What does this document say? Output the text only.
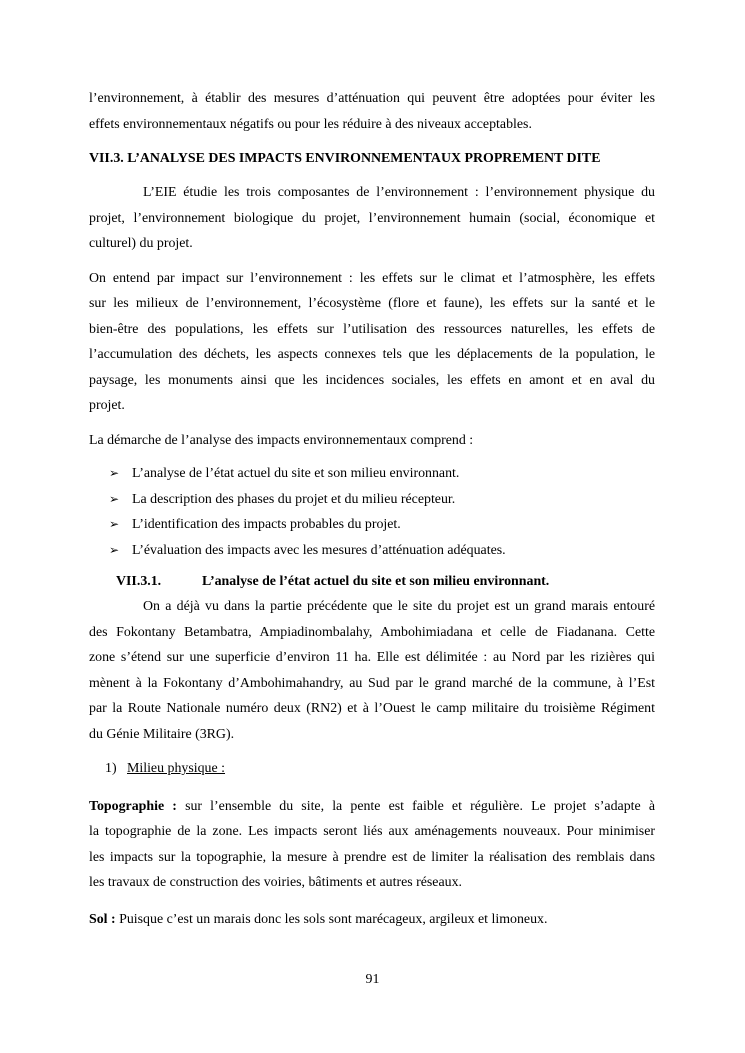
l’environnement, à établir des mesures d’atténuation qui peuvent être adoptées pour éviter les
effets environnementaux négatifs ou pour les réduire à des niveaux acceptables.

VII.3. L’ANALYSE DES IMPACTS ENVIRONNEMENTAUX PROPREMENT DITE

L’EIE étudie les trois composantes de l’environnement : l’environnement physique du
projet, l’environnement biologique du projet, l’environnement humain (social, économique et
culturel) du projet.

On entend par impact sur l’environnement : les effets sur le climat et l’atmosphère, les effets
sur les milieux de l’environnement, l’écosystème (flore et faune), les effets sur la santé et le
bien-être des populations, les effets sur l’utilisation des ressources naturelles, les effets de
l’accumulation des déchets, les aspects connexes tels que les déplacements de la population, le
paysage, les monuments ainsi que les incidences sociales, les effets en amont et en aval du
projet.

La démarche de l’analyse des impacts environnementaux comprend :

➢ L’analyse de l’état actuel du site et son milieu environnant.
➢ La description des phases du projet et du milieu récepteur.
➢ L’identification des impacts probables du projet.
➢ L’évaluation des impacts avec les mesures d’atténuation adéquates.

VII.3.1.	L’analyse de l’état actuel du site et son milieu environnant.

On a déjà vu dans la partie précédente que le site du projet est un grand marais entouré
des Fokontany Betambatra, Ampiadinombalahy, Ambohimiadana et celle de Fiadanana. Cette
zone s’étend sur une superficie d’environ 11 ha. Elle est délimitée : au Nord par les rizières qui
mènent à la Fokontany d’Ambohimahandry, au Sud par le grand marché de la commune, à l’Est
par la Route Nationale numéro deux (RN2) et à l’Ouest le camp militaire du troisième Régiment
du Génie Militaire (3RG).

1) Milieu physique :

Topographie : sur l’ensemble du site, la pente est faible et régulière. Le projet s’adapte à
la topographie de la zone. Les impacts seront liés aux aménagements nouveaux. Pour minimiser
les impacts sur la topographie, la mesure à prendre est de limiter la réalisation des remblais dans
les travaux de construction des voiries, bâtiments et autres réseaux.

Sol : Puisque c’est un marais donc les sols sont marécageux, argileux et limoneux.

91
